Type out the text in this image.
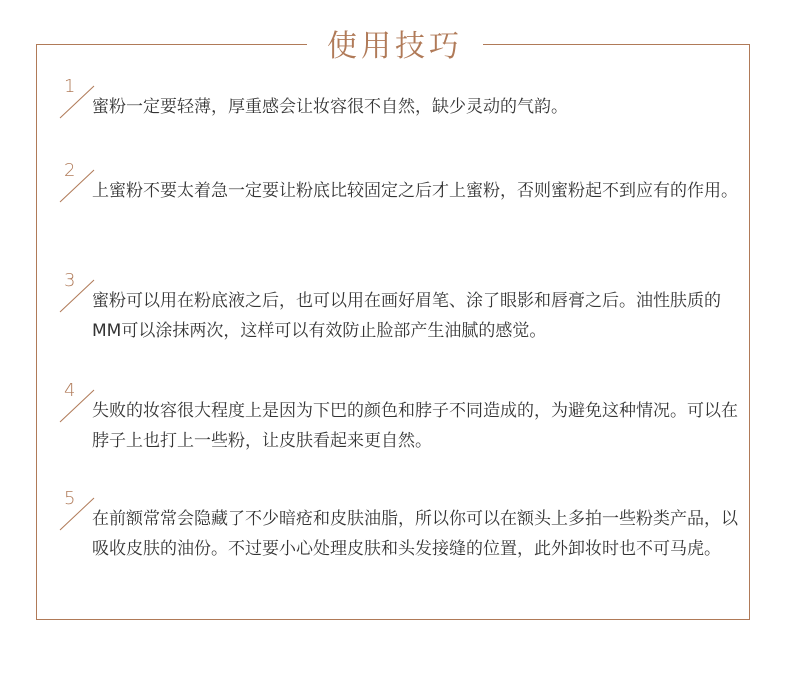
使用技巧
1

蜜粉一定要轻薄，厚重感会让妆容很不自然，缺少灵动的气韵。

2

上蜜粉不要太着急一定要让粉底比较固定之后才上蜜粉，否则蜜粉起不到应有的作用。

3

蜜粉可以用在粉底液之后，也可以用在画好眉笔、涂了眼影和唇膏之后。油性肤质的MM可以涂抹两次，这样可以有效防止脸部产生油腻的感觉。

4

失败的妆容很大程度上是因为下巴的颜色和脖子不同造成的，为避免这种情况。可以在脖子上也打上一些粉，让皮肤看起来更自然。

5

在前额常常会隐藏了不少暗疮和皮肤油脂，所以你可以在额头上多拍一些粉类产品，以吸收皮肤的油份。不过要小心处理皮肤和头发接缝的位置，此外卸妆时也不可马虎。
